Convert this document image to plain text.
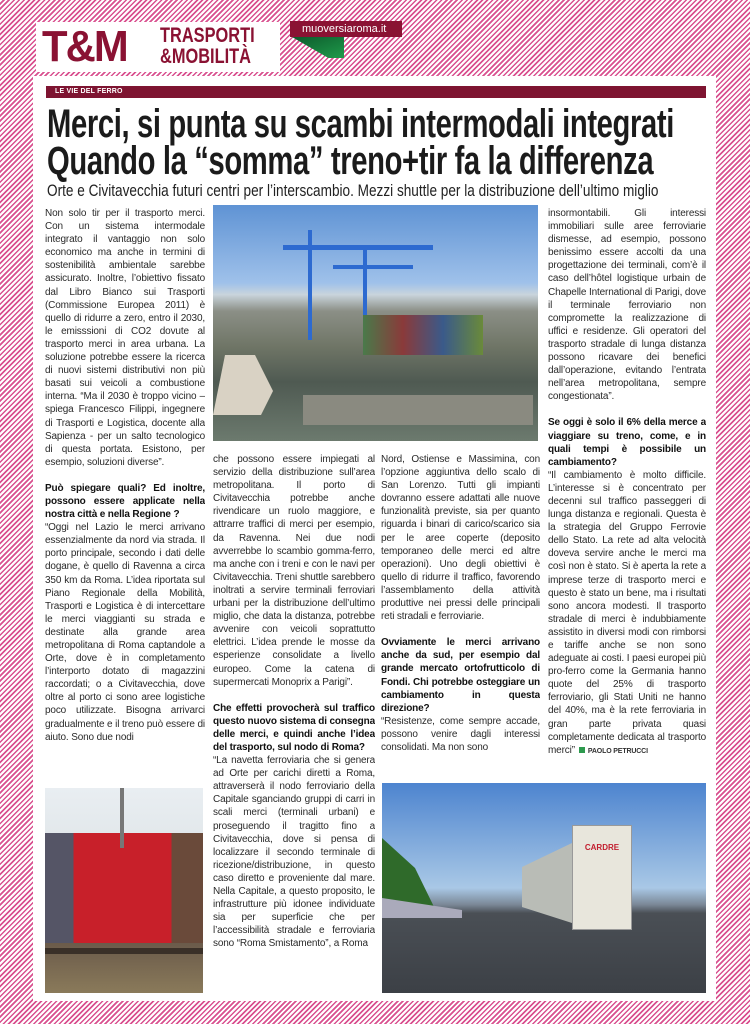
T&M TRASPORTI
&MOBILITÀ
muoversiaroma.it
LE VIE DEL FERRO
Merci, si punta su scambi intermodali integrati
Quando la “somma” treno+tir fa la differenza
Orte e Civitavecchia futuri centri per l’interscambio. Mezzi shuttle per la distribuzione dell’ultimo miglio
CARDRE

Non solo tir per il trasporto merci. Con un sistema intermodale integrato il vantaggio non solo economico ma anche in termini di sostenibilità ambientale sarebbe assicurato. Inoltre, l’obiettivo fissato dal Libro Bianco sui Trasporti (Commissione Europea 2011) è quello di ridurre a zero, entro il 2030, le emisssioni di CO2 dovute al trasporto merci in area urbana. La soluzione potrebbe essere la ricerca di nuovi sistemi distributivi non più basati sui veicoli a combustione interna. “Ma il 2030 è troppo vicino – spiega Francesco Filippi, ingegnere di Trasporti e Logistica, docente alla Sapienza - per un salto tecnologico di questa portata. Esistono, per esempio, soluzioni diverse”.

Può spiegare quali? Ed inoltre, possono essere applicate nella nostra città e nella Regione ?

“Oggi nel Lazio le merci arrivano essenzialmente da nord via strada. Il porto principale, secondo i dati delle dogane, è quello di Ravenna a circa 350 km da Roma. L’idea riportata sul Piano Regionale della Mobilità, Trasporti e Logistica è di intercettare le merci viaggianti su strada e destinate alla grande area metropolitana di Roma captandole a Orte, dove è in completamento l’interporto dotato di magazzini raccordati; o a Civitavecchia, dove oltre al porto ci sono aree logistiche poco utilizzate. Bisogna arrivarci gradualmente e il treno può essere di aiuto. Sono due nodi

che possono essere impiegati al servizio della distribuzione sull’area metropolitana. Il porto di Civitavecchia potrebbe anche rivendicare un ruolo maggiore, e attrarre traffici di merci per esempio, da Ravenna. Nei due nodi avverrebbe lo scambio gomma-ferro, ma anche con i treni e con le navi per Civitavecchia. Treni shuttle sarebbero inoltrati a servire terminali ferroviari urbani per la distribuzione dell’ultimo miglio, che data la distanza, potrebbe avvenire con veicoli soprattutto elettrici. L’idea prende le mosse da esperienze consolidate a livello europeo. Come la catena di supermercati Monoprix a Parigi”.

Che effetti provocherà sul traffico questo nuovo sistema di consegna delle merci, e quindi anche l’idea del trasporto, sul nodo di Roma?

“La navetta ferroviaria che si genera ad Orte per carichi diretti a Roma, attraverserà il nodo ferroviario della Capitale sganciando gruppi di carri in scali merci (terminali urbani) e proseguendo il tragitto fino a Civitavecchia, dove si pensa di localizzare il secondo terminale di ricezione/distribuzione, in questo caso diretto e proveniente dal mare. Nella Capitale, a questo proposito, le infrastrutture più idonee individuate sia per superficie che per l’accessibilità stradale e ferroviaria sono “Roma Smistamento”, a Roma

Nord, Ostiense e Massimina, con l’opzione aggiuntiva dello scalo di San Lorenzo. Tutti gli impianti dovranno essere adattati alle nuove funzionalità previste, sia per quanto riguarda i binari di carico/scarico sia per le aree coperte (deposito temporaneo delle merci ed altre operazioni). Uno degli obiettivi è quello di ridurre il traffico, favorendo l’assemblamento della attività produttive nei pressi delle principali reti stradali e ferroviarie.

Ovviamente le merci arrivano anche da sud, per esempio dal grande mercato ortofrutticolo di Fondi. Chi potrebbe osteggiare un cambiamento in questa direzione?

“Resistenze, come sempre accade, possono venire dagli interessi consolidati. Ma non sono

insormontabili. Gli interessi immobiliari sulle aree ferroviarie dismesse, ad esempio, possono benissimo essere accolti da una progettazione dei terminali, com’è il caso dell’hôtel logistique urbain de Chapelle International di Parigi, dove il terminale ferroviario non compromette la realizzazione di uffici e residenze. Gli operatori del trasporto stradale di lunga distanza possono ricavare dei benefici dall’operazione, evitando l’entrata nell’area metropolitana, sempre congestionata”.

Se oggi è solo il 6% della merce a viaggiare su treno, come, e in quali tempi è possibile un cambiamento?

“Il cambiamento è molto difficile. L’interesse si è concentrato per decenni sul traffico passeggeri di lunga distanza e regionali. Questa è la strategia del Gruppo Ferrovie dello Stato. La rete ad alta velocità doveva servire anche le merci ma così non è stato. Si è aperta la rete a imprese terze di trasporto merci e questo è stato un bene, ma i risultati sono ancora modesti. Il trasporto stradale di merci è indubbiamente assistito in diversi modi con rimborsi e tariffe anche se non sono adeguate ai costi. I paesi europei più pro-ferro come la Germania hanno quote del 25% di trasporto ferroviario, gli Stati Uniti ne hanno del 40%, ma è la rete ferroviaria in gran parte privata quasi completamente dedicata al trasporto merci” PAOLO PETRUCCI
